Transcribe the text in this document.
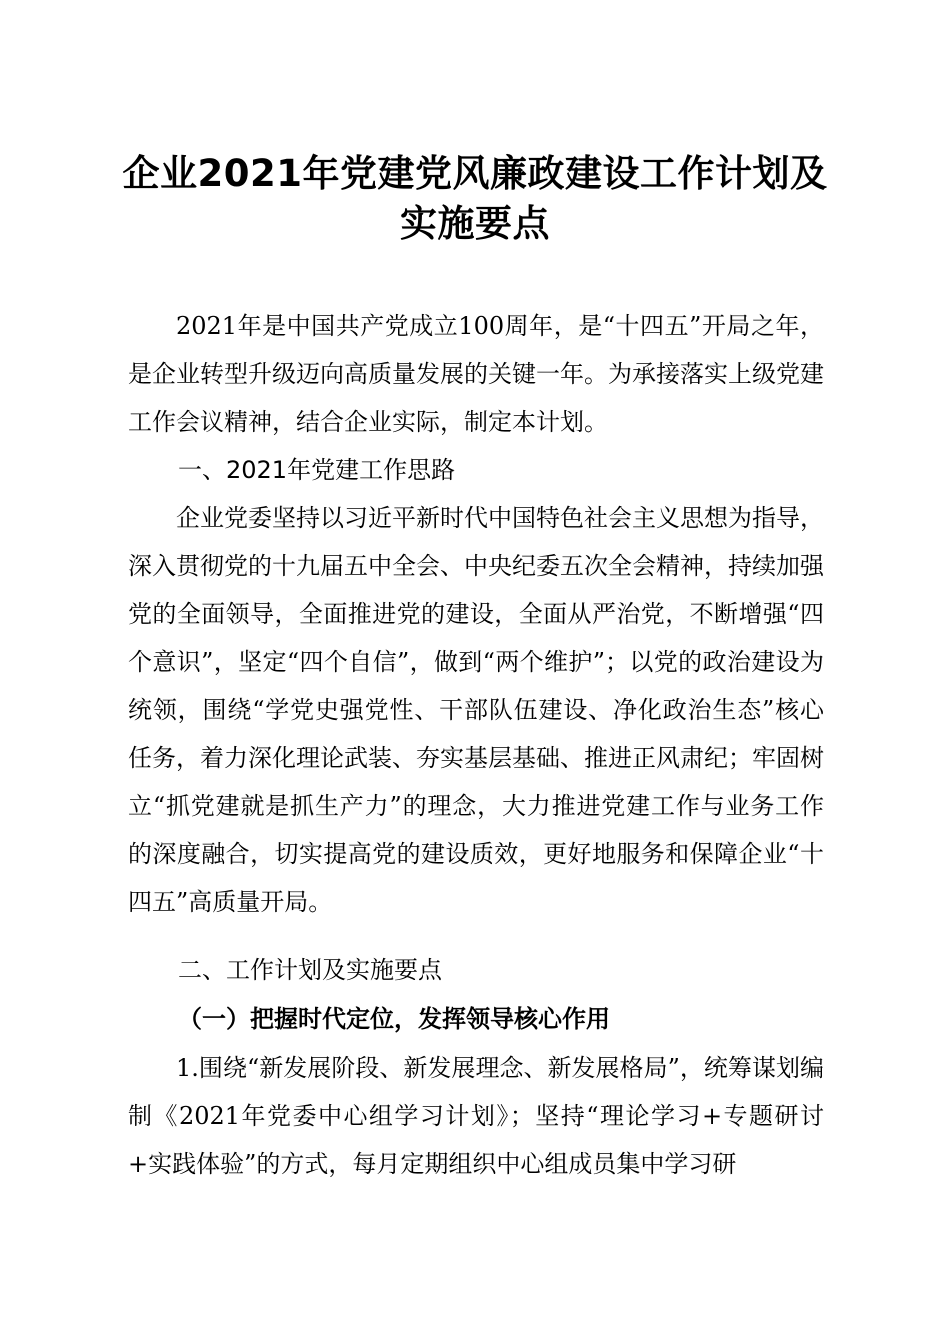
企业2021年党建党风廉政建设工作计划及
实施要点

2021年是中国共产党成立100周年，是“十四五”开局之年，是企业转型升级迈向高质量发展的关键一年。为承接落实上级党建工作会议精神，结合企业实际，制定本计划。

一、2021年党建工作思路

企业党委坚持以习近平新时代中国特色社会主义思想为指导，深入贯彻党的十九届五中全会、中央纪委五次全会精神，持续加强党的全面领导，全面推进党的建设，全面从严治党，不断增强“四个意识”，坚定“四个自信”，做到“两个维护”；以党的政治建设为统领，围绕“学党史强党性、干部队伍建设、净化政治生态”核心任务，着力深化理论武装、夯实基层基础、推进正风肃纪；牢固树立“抓党建就是抓生产力”的理念，大力推进党建工作与业务工作的深度融合，切实提高党的建设质效，更好地服务和保障企业“十四五”高质量开局。

二、工作计划及实施要点
（一）把握时代定位，发挥领导核心作用

1.围绕“新发展阶段、新发展理念、新发展格局”，统筹谋划编制《2021年党委中心组学习计划》；坚持“理论学习+专题研讨+实践体验”的方式，每月定期组织中心组成员集中学习研
